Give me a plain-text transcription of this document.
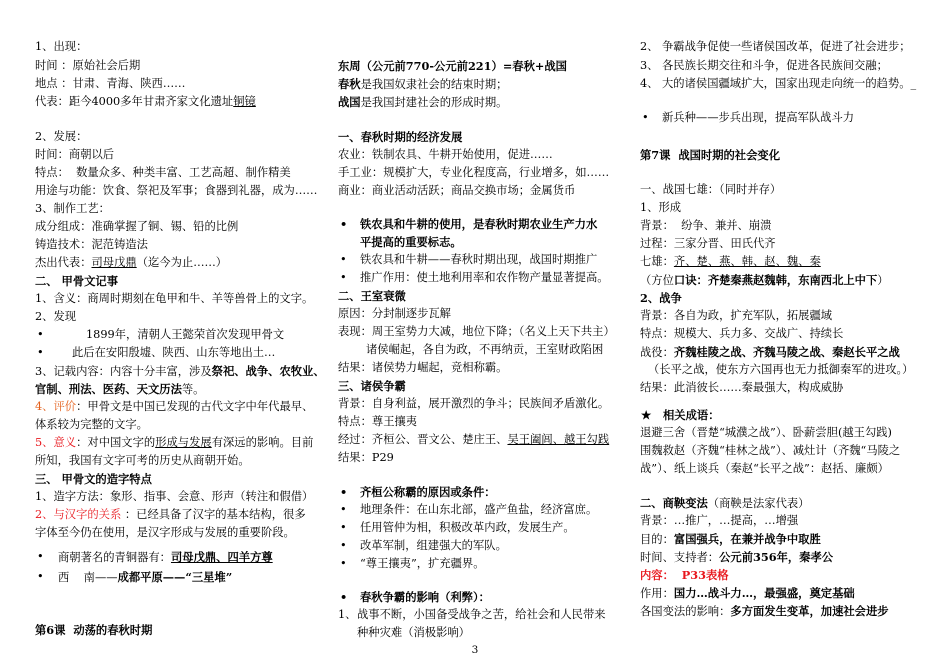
1、出现：
时间 ：原始社会后期
地点 ：甘肃、青海、陕西……
代表：距今4000多年甘肃齐家文化遗址铜镜
2、发展：
时间：商朝以后
特点：  数量众多、种类丰富、工艺高超、制作精美
用途与功能：饮食、祭祀及军事；食器到礼器，成为……
3、制作工艺：
成分组成：准确掌握了铜、锡、铅的比例
铸造技术：泥范铸造法
杰出代表：司母戊鼎（迄今为止……）
二、 甲骨文记事
1、含义：商周时期刻在龟甲和牛、羊等兽骨上的文字。
2、发现
•
1899年，清朝人王懿荣首次发现甲骨文
•
此后在安阳殷墟、陕西、山东等地出土…
3、记载内容：内容十分丰富，涉及祭祀、战争、农牧业、
官制、刑法、医药、天文历法等。
4、评价：甲骨文是中国已发现的古代文字中年代最早、
体系较为完整的文字。
5、意义：对中国文字的形成与发展有深远的影响。目前
所知，我国有文字可考的历史从商朝开始。
三、 甲骨文的造字特点
1、造字方法：象形、指事、会意、形声（转注和假借）
2、与汉字的关系 ：已经具备了汉字的基本结构，很多
字体至今仍在使用，是汉字形成与发展的重要阶段。
•
商朝著名的青铜器有：司母戊鼎、四羊方尊
•
西    南——成都平原——“三星堆”
第6课  动荡的春秋时期
东周（公元前770-公元前221）=春秋+战国
春秋是我国奴隶社会的结束时期；
战国是我国封建社会的形成时期。
一、春秋时期的经济发展
农业：铁制农具、牛耕开始使用，促进……
手工业：规模扩大，专业化程度高，行业增多，如……
商业：商业活动活跃；商品交换市场；金属货币
•
铁农具和牛耕的使用，是春秋时期农业生产力水
平提高的重要标志。
•
铁农具和牛耕——春秋时期出现，战国时期推广
•
推广作用：使土地利用率和农作物产量显著提高。
二、王室衰微
原因：分封制逐步瓦解
表现：周王室势力大减，地位下降；（名义上天下共主）
诸侯崛起，各自为政，不再纳贡，王室财政陷困
结果：诸侯势力崛起，竞相称霸。
三、诸侯争霸
背景：自身利益，展开激烈的争斗；民族间矛盾激化。
特点：尊王攘夷
经过：齐桓公、晋文公、楚庄王、吴王阖闾、越王勾践
结果：P29
•
齐桓公称霸的原因或条件：
•
地理条件：在山东北部，盛产鱼盐，经济富庶。
•
任用管仲为相，积极改革内政，发展生产。
•
改革军制，组建强大的军队。
•
“尊王攘夷”，扩充疆界。
•
春秋争霸的影响（利弊）：
1、战事不断，小国备受战争之苦，给社会和人民带来
种种灾难（消极影响）
2、 争霸战争促使一些诸侯国改革，促进了社会进步；
3、 各民族长期交往和斗争，促进各民族间交融；
4、 大的诸侯国疆域扩大，国家出现走向统一的趋势。_
•
新兵种——步兵出现，提高军队战斗力
第7课  战国时期的社会变化
一、战国七雄：（同时并存）
1、形成
背景：  纷争、兼并、崩溃
过程：三家分晋、田氏代齐
七雄：齐、楚、燕、韩、赵、魏、秦
（方位口诀：齐楚秦燕赵魏韩，东南西北上中下）
2、战争
背景：各自为政，扩充军队，拓展疆域
特点：规模大、兵力多、交战广、持续长
战役：齐魏桂陵之战、齐魏马陵之战、秦赵长平之战
（长平之战，使东方六国再也无力抵御秦军的进攻。）
结果：此消彼长……秦最强大，构成威胁
★
相关成语：
退避三舍（晋楚“城濮之战”）、卧薪尝胆(越王勾践)
围魏救赵（齐魏“桂林之战”）、减灶计（齐魏“马陵之
战”）、纸上谈兵（秦赵“长平之战”：赵括、廉颇）
二、商鞅变法（商鞅是法家代表）
背景：…推广，…提高，…增强
目的：富国强兵，在兼并战争中取胜
时间、支持者：公元前356年，秦孝公
内容：  P33表格
作用：国力…战斗力…，最强盛，奠定基础
各国变法的影响：多方面发生变革，加速社会进步
3
